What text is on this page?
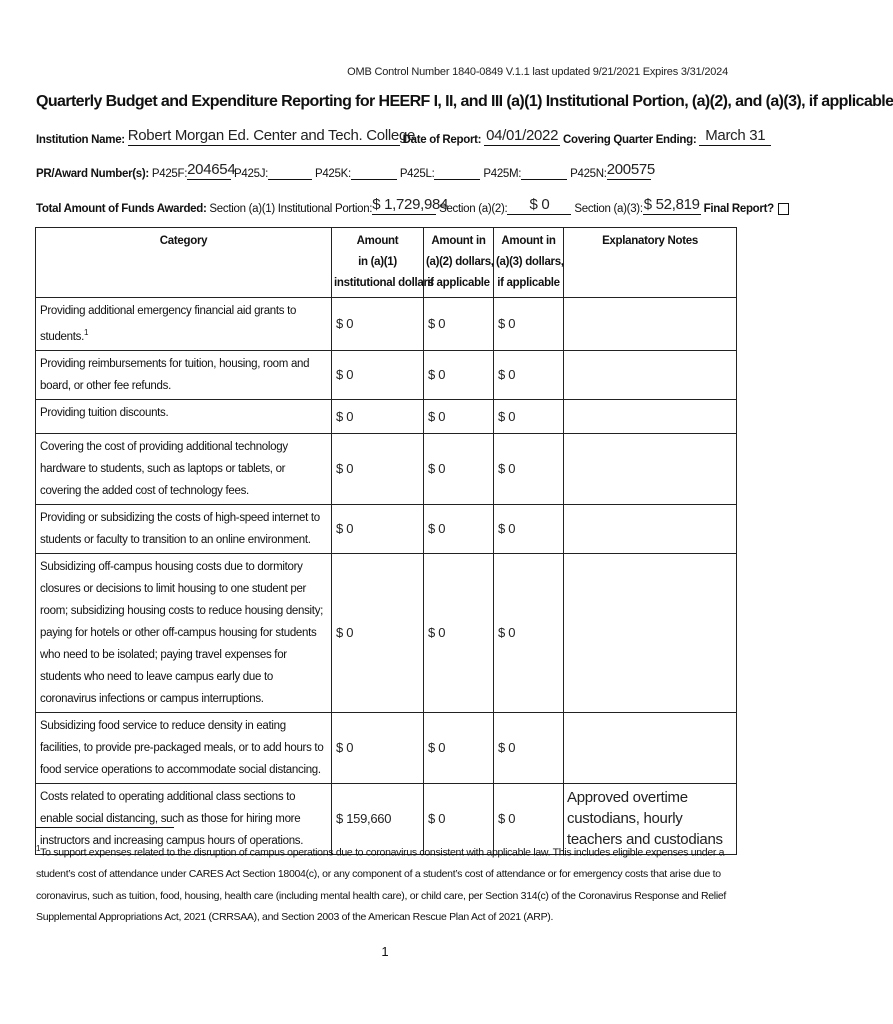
OMB Control Number 1840-0849 V.1.1 last updated 9/21/2021 Expires 3/31/2024
Quarterly Budget and Expenditure Reporting for HEERF I, II, and III (a)(1) Institutional Portion, (a)(2), and (a)(3), if applicable
Institution Name: Robert Morgan Ed. Center and Tech. College
Date of Report: 04/01/2022 Covering Quarter Ending: March 31
PR/Award Number(s): P425F: 204654
P425J:	P425K:	P425L:	P425M:	P425N: 200575
Total Amount of Funds Awarded: Section (a)(1) Institutional Portion: $ 1,729,984
Section (a)(2):	$ 0	Section (a)(3): $ 52,819 Final Report?
Category	Amount
in (a)(1)
institutional dollars	Amount in
(a)(2) dollars,
if applicable	Amount in
(a)(3) dollars,
if applicable	Explanatory Notes
Providing additional emergency financial aid grants to students.$^1$	$ 0	$ 0	$ 0	
Providing reimbursements for tuition, housing, room and board, or other fee refunds.	$ 0	$ 0	$ 0	
Providing tuition discounts.	$ 0	$ 0	$ 0	
Covering the cost of providing additional technology hardware to students, such as laptops or tablets, or covering the added cost of technology fees.	$ 0	$ 0	$ 0	
Providing or subsidizing the costs of high-speed internet to students or faculty to transition to an online environment.	$ 0	$ 0	$ 0	
Subsidizing off-campus housing costs due to dormitory closures or decisions to limit housing to one student per room; subsidizing housing costs to reduce housing density; paying for hotels or other off-campus housing for students who need to be isolated; paying travel expenses for students who need to leave campus early due to coronavirus infections or campus interruptions.	$ 0	$ 0	$ 0	
Subsidizing food service to reduce density in eating facilities, to provide pre-packaged meals, or to add hours to food service operations to accommodate social distancing.	$ 0	$ 0	$ 0	
Costs related to operating additional class sections to enable social distancing, such as those for hiring more instructors and increasing campus hours of operations.	$ 159,660	$ 0	$ 0	Approved overtime custodians, hourly teachers and custodians
$^1$To support expenses related to the disruption of campus operations due to coronavirus consistent with applicable law. This includes eligible expenses under a student’s cost of attendance under CARES Act Section 18004(c), or any component of a student’s cost of attendance or for emergency costs that arise due to coronavirus, such as tuition, food, housing, health care (including mental health care), or child care, per Section 314(c) of the Coronavirus Response and Relief Supplemental Appropriations Act, 2021 (CRRSAA), and Section 2003 of the American Rescue Plan Act of 2021 (ARP).
1
